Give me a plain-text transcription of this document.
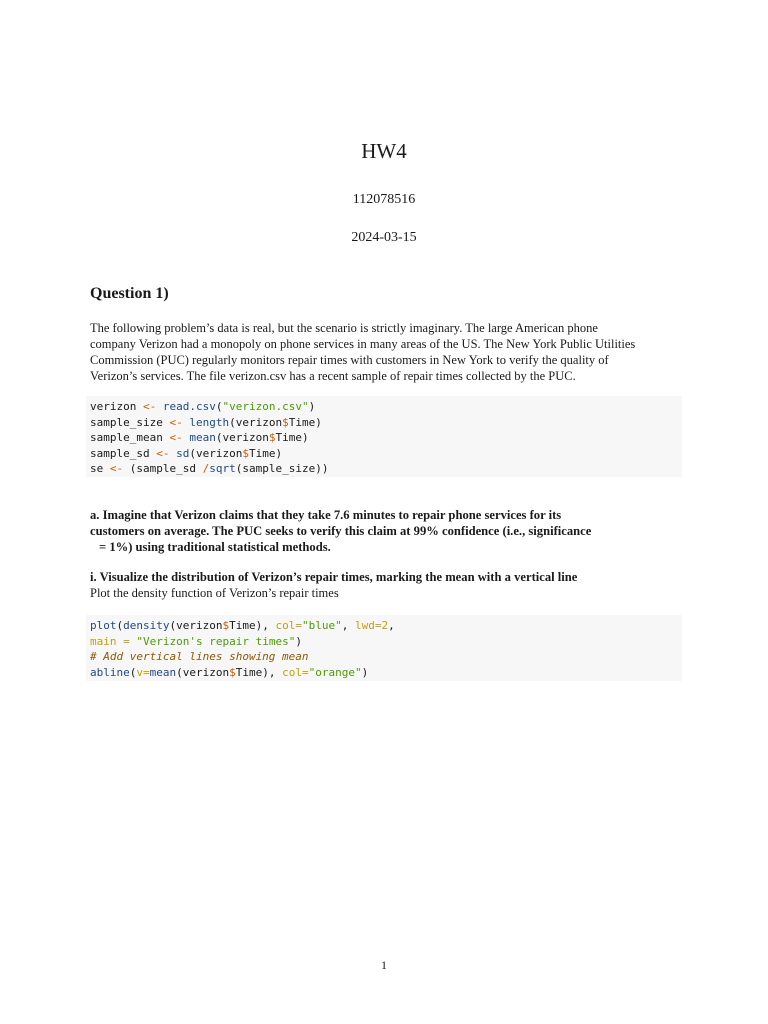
HW4
112078516
2024-03-15
Question 1)
The following problem’s data is real, but the scenario is strictly imaginary. The large American phone
company Verizon had a monopoly on phone services in many areas of the US. The New York Public Utilities
Commission (PUC) regularly monitors repair times with customers in New York to verify the quality of
Verizon’s services. The file verizon.csv has a recent sample of repair times collected by the PUC.
verizon <- read.csv("verizon.csv")
sample_size <- length(verizon$Time)
sample_mean <- mean(verizon$Time)
sample_sd <- sd(verizon$Time)
se <- (sample_sd /sqrt(sample_size))
a. Imagine that Verizon claims that they take 7.6 minutes to repair phone services for its
customers on average. The PUC seeks to verify this claim at 99% confidence (i.e., significance
= 1%) using traditional statistical methods.
i. Visualize the distribution of Verizon’s repair times, marking the mean with a vertical line
Plot the density function of Verizon’s repair times
plot(density(verizon$Time), col="blue", lwd=2,
main = "Verizon's repair times")
# Add vertical lines showing mean
abline(v=mean(verizon$Time), col="orange")
1
